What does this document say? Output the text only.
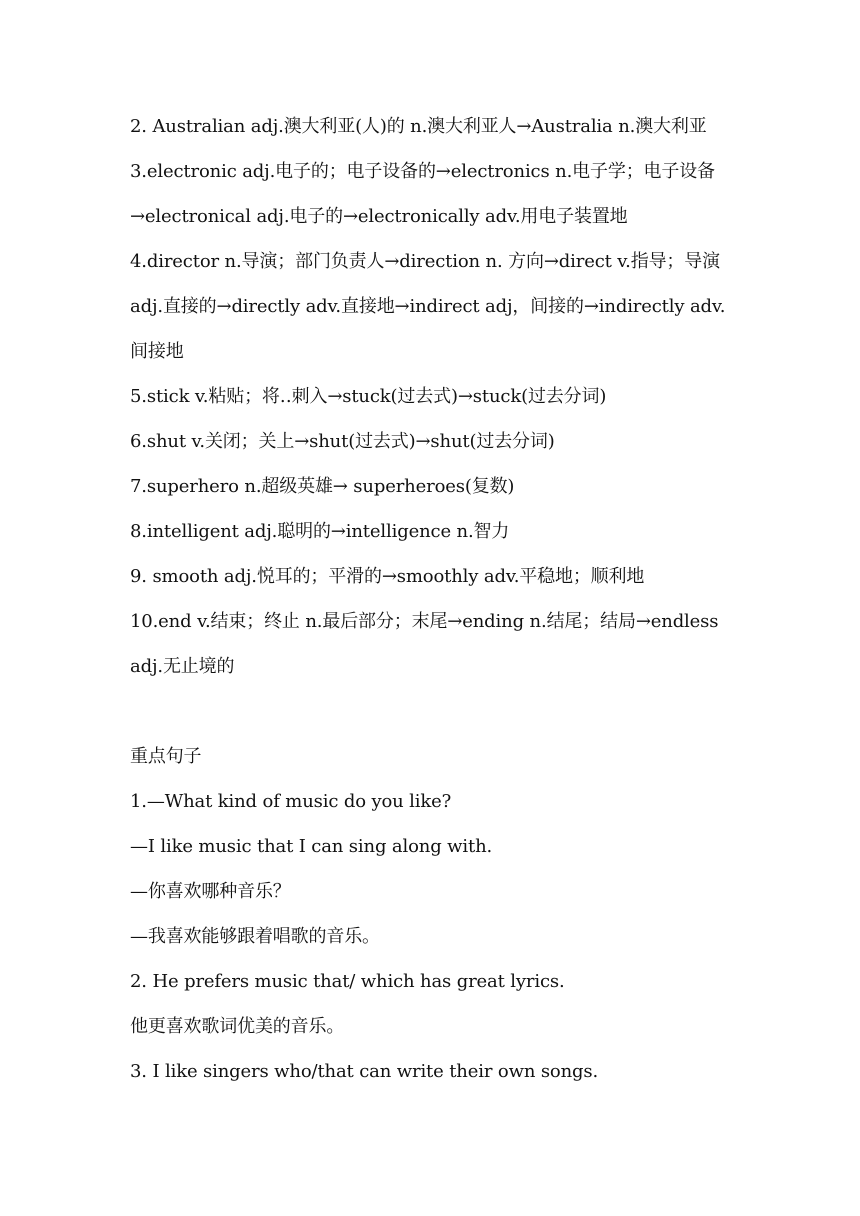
2. Australian adj.澳大利亚(人)的 n.澳大利亚人→Australia n.澳大利亚
3.electronic adj.电子的；电子设备的→electronics n.电子学；电子设备
→electronical adj.电子的→electronically adv.用电子装置地
4.director n.导演；部门负责人→direction n. 方向→direct v.指导；导演
adj.直接的→directly adv.直接地→indirect adj，间接的→indirectly adv.
间接地
5.stick v.粘贴；将‥刺入→stuck(过去式)→stuck(过去分词)
6.shut v.关闭；关上→shut(过去式)→shut(过去分词)
7.superhero n.超级英雄→ superheroes(复数)
8.intelligent adj.聪明的→intelligence n.智力
9. smooth adj.悦耳的；平滑的→smoothly adv.平稳地；顺利地
10.end v.结束；终止 n.最后部分；末尾→ending n.结尾；结局→endless
adj.无止境的
重点句子
1.—What kind of music do you like?
—I like music that I can sing along with.
—你喜欢哪种音乐？
—我喜欢能够跟着唱歌的音乐。
2. He prefers music that/ which has great lyrics.
他更喜欢歌词优美的音乐。
3. I like singers who/that can write their own songs.
